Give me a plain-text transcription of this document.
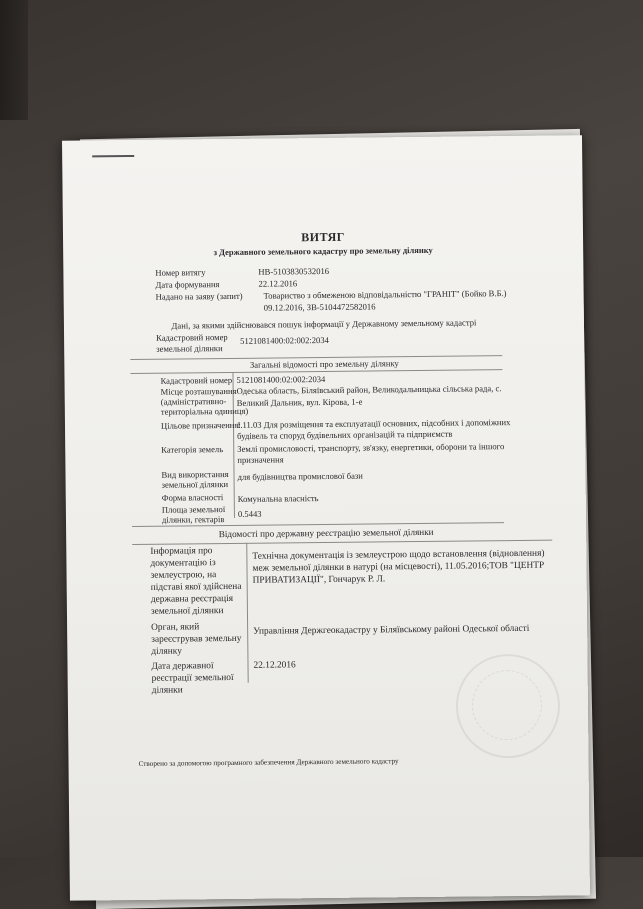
ВИТЯГ
з Державного земельного кадастру про земельну ділянку
Номер витягу	НВ-5103830532016
Дата формування	22.12.2016
Надано на заяву (запит) Товариство з обмеженою відповідальністю "ГРАНІТ" (Бойко В.Б.)
09.12.2016, ЗВ-5104472582016
Дані, за якими здійснювався пошук інформації у Державному земельному кадастрі
Кадастровий номер
земельної ділянки
5121081400:02:002:2034
Загальні відомості про земельну ділянку
Кадастровий номер 5121081400:02:002:2034
Місце розташування
(адміністративно-
територіальна одиниця)
Одеська область, Біляївський район, Великодальницька сільська рада, с.
Великий Дальник, вул. Кірова, 1-е
Цільове призначення:
J.11.03 Для розміщення та експлуатації основних, підсобних і допоміжних
будівель та споруд будівельних організацій та підприємств
Категорія земель Землі промисловості, транспорту, зв'язку, енергетики, оборони та іншого
призначення
Вид використання
земельної ділянки
для будівництва промислової бази
Форма власності Комунальна власність
Площа земельної
ділянки, гектарів
0.5443
Відомості про державну реєстрацію земельної ділянки
Інформація про
документацію із
землеустрою, на
підставі якої здійснена
державна реєстрація
земельної ділянки
Технічна документація із землеустрою щодо встановлення (відновлення)
меж земельної ділянки в натурі (на місцевості), 11.05.2016;ТОВ "ЦЕНТР
ПРИВАТИЗАЦІЇ", Гончарук Р. Л.
Орган, який
зареєстрував земельну
ділянку
Управління Держгеокадастру у Біляївському районі Одеської області
Дата державної
реєстрації земельної
ділянки
22.12.2016
Створено за допомогою програмного забезпечення Державного земельного кадастру
